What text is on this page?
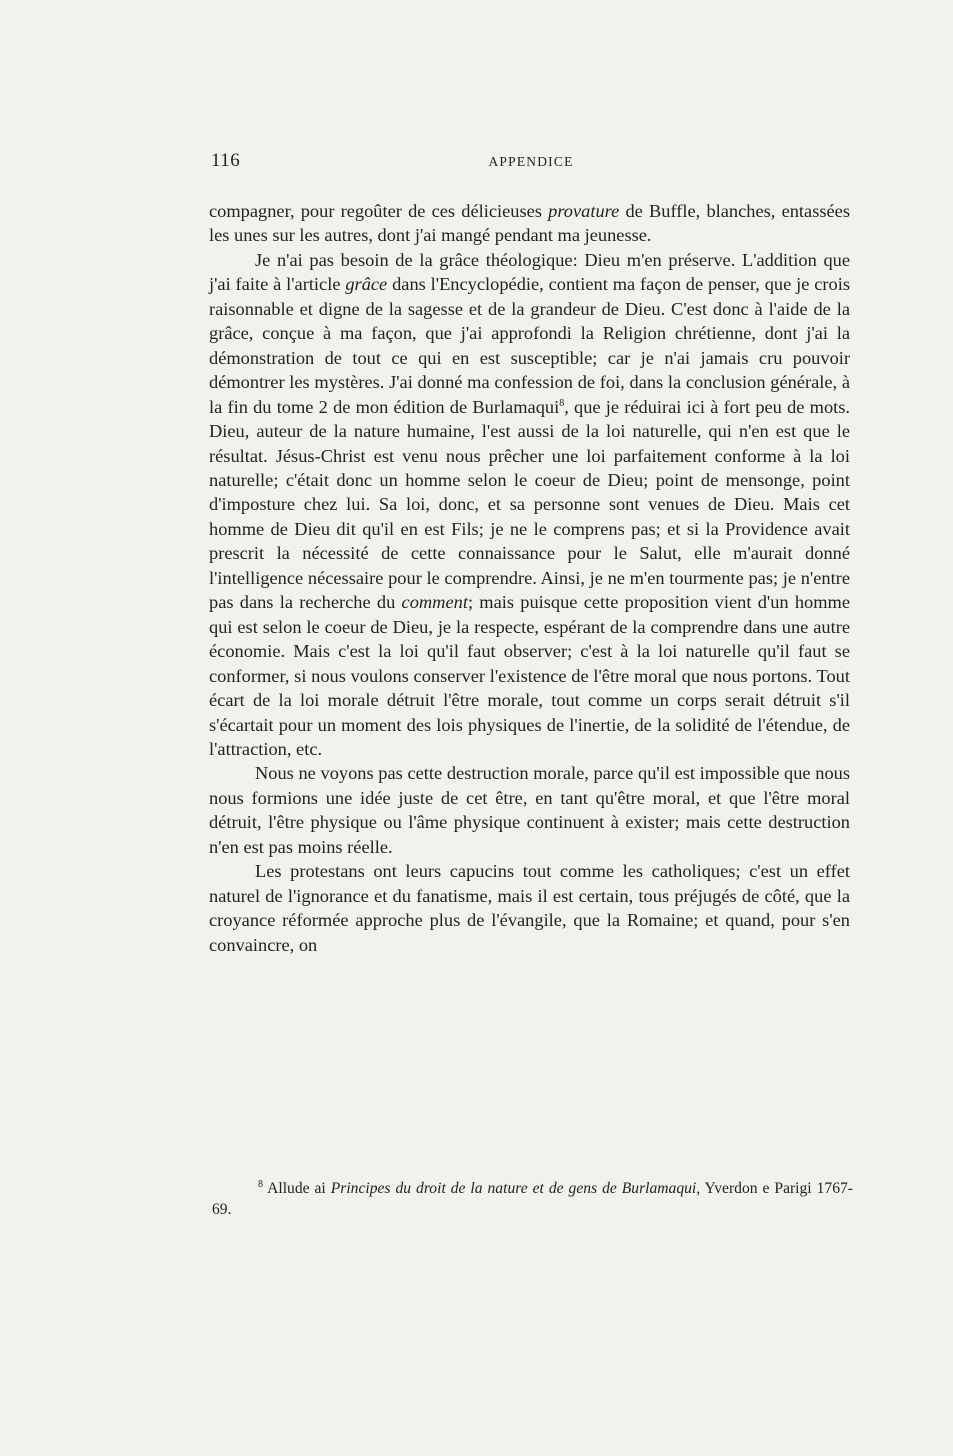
116	APPENDICE

compagner, pour regoûter de ces délicieuses provature de Buffle, blanches, entassées les unes sur les autres, dont j'ai mangé pendant ma jeunesse.

Je n'ai pas besoin de la grâce théologique: Dieu m'en préserve. L'addition que j'ai faite à l'article grâce dans l'Encyclopédie, contient ma façon de penser, que je crois raisonnable et digne de la sagesse et de la grandeur de Dieu. C'est donc à l'aide de la grâce, conçue à ma façon, que j'ai approfondi la Religion chrétienne, dont j'ai la démonstration de tout ce qui en est susceptible; car je n'ai jamais cru pouvoir démontrer les mystères. J'ai donné ma confession de foi, dans la conclusion générale, à la fin du tome 2 de mon édition de Burlamaqui$^8$, que je réduirai ici à fort peu de mots. Dieu, auteur de la nature humaine, l'est aussi de la loi naturelle, qui n'en est que le résultat. Jésus-Christ est venu nous prêcher une loi parfaitement conforme à la loi naturelle; c'était donc un homme selon le coeur de Dieu; point de mensonge, point d'imposture chez lui. Sa loi, donc, et sa personne sont venues de Dieu. Mais cet homme de Dieu dit qu'il en est Fils; je ne le comprens pas; et si la Providence avait prescrit la nécessité de cette connaissance pour le Salut, elle m'aurait donné l'intelligence nécessaire pour le comprendre. Ainsi, je ne m'en tourmente pas; je n'entre pas dans la recherche du comment; mais puisque cette proposition vient d'un homme qui est selon le coeur de Dieu, je la respecte, espérant de la comprendre dans une autre économie. Mais c'est la loi qu'il faut observer; c'est à la loi naturelle qu'il faut se conformer, si nous voulons conserver l'existence de l'être moral que nous portons. Tout écart de la loi morale détruit l'être morale, tout comme un corps serait détruit s'il s'écartait pour un moment des lois physiques de l'inertie, de la solidité de l'étendue, de l'attraction, etc.

Nous ne voyons pas cette destruction morale, parce qu'il est impossible que nous nous formions une idée juste de cet être, en tant qu'être moral, et que l'être moral détruit, l'être physique ou l'âme physique continuent à exister; mais cette destruction n'en est pas moins réelle.

Les protestans ont leurs capucins tout comme les catholiques; c'est un effet naturel de l'ignorance et du fanatisme, mais il est certain, tous préjugés de côté, que la croyance réformée approche plus de l'évangile, que la Romaine; et quand, pour s'en convaincre, on

$^8$ Allude ai Principes du droit de la nature et de gens de Burlamaqui, Yverdon e Parigi 1767-69.
